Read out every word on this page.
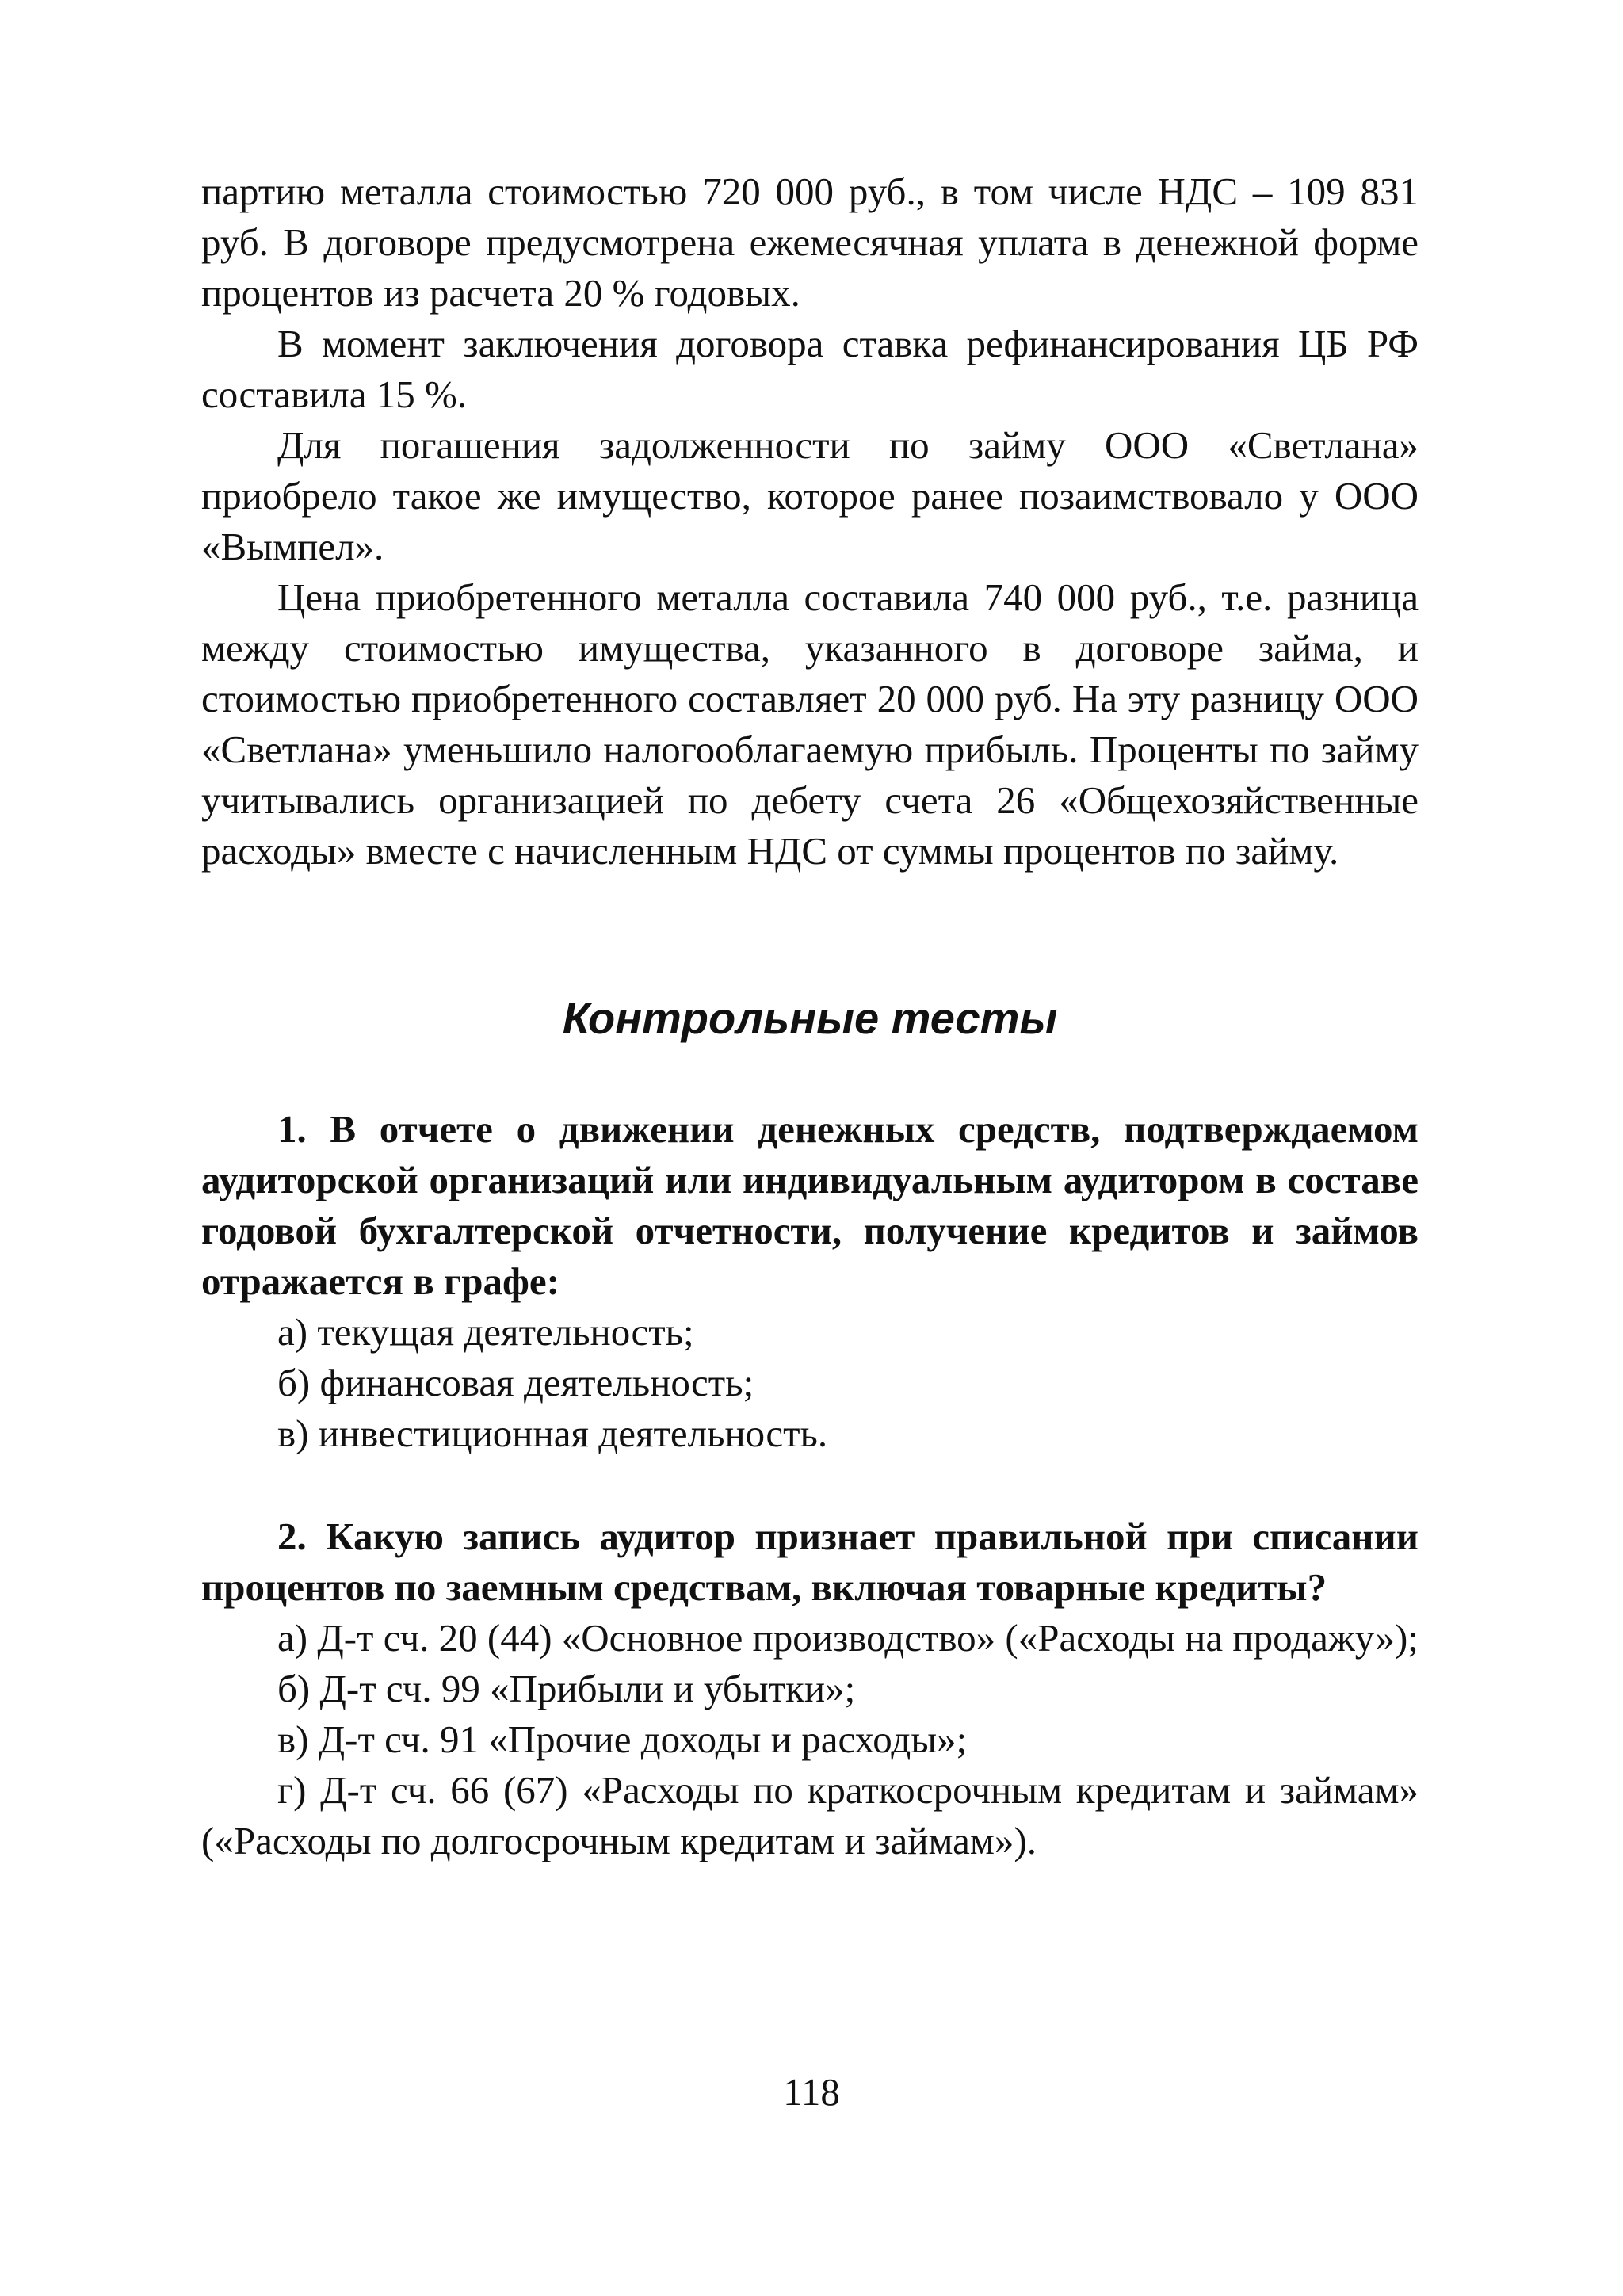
партию металла стоимостью 720 000 руб., в том числе НДС – 109 831 руб. В договоре предусмотрена ежемесячная уплата в денежной форме процентов из расчета 20 % годовых.

В момент заключения договора ставка рефинансирования ЦБ РФ составила 15 %.

Для погашения задолженности по займу ООО «Светлана» приобрело такое же имущество, которое ранее позаимствовало у ООО «Вымпел».

Цена приобретенного металла составила 740 000 руб., т.е. разница между стоимостью имущества, указанного в договоре займа, и стоимостью приобретенного составляет 20 000 руб. На эту разницу ООО «Светлана» уменьшило налогооблагаемую прибыль. Проценты по займу учитывались организацией по дебету счета 26 «Общехозяйственные расходы» вместе с начисленным НДС от суммы процентов по займу.

Контрольные тесты

1. В отчете о движении денежных средств, подтверждаемом аудиторской организаций или индивидуальным аудитором в составе годовой бухгалтерской отчетности, получение кредитов и займов отражается в графе:

а) текущая деятельность;

б) финансовая деятельность;

в) инвестиционная деятельность.

2. Какую запись аудитор признает правильной при списании процентов по заемным средствам, включая товарные кредиты?

а) Д-т сч. 20 (44) «Основное производство» («Расходы на продажу»);

б) Д-т сч. 99 «Прибыли и убытки»;

в) Д-т сч. 91 «Прочие доходы и расходы»;

г) Д-т сч. 66 (67) «Расходы по краткосрочным кредитам и займам» («Расходы по долгосрочным кредитам и займам»).

118
